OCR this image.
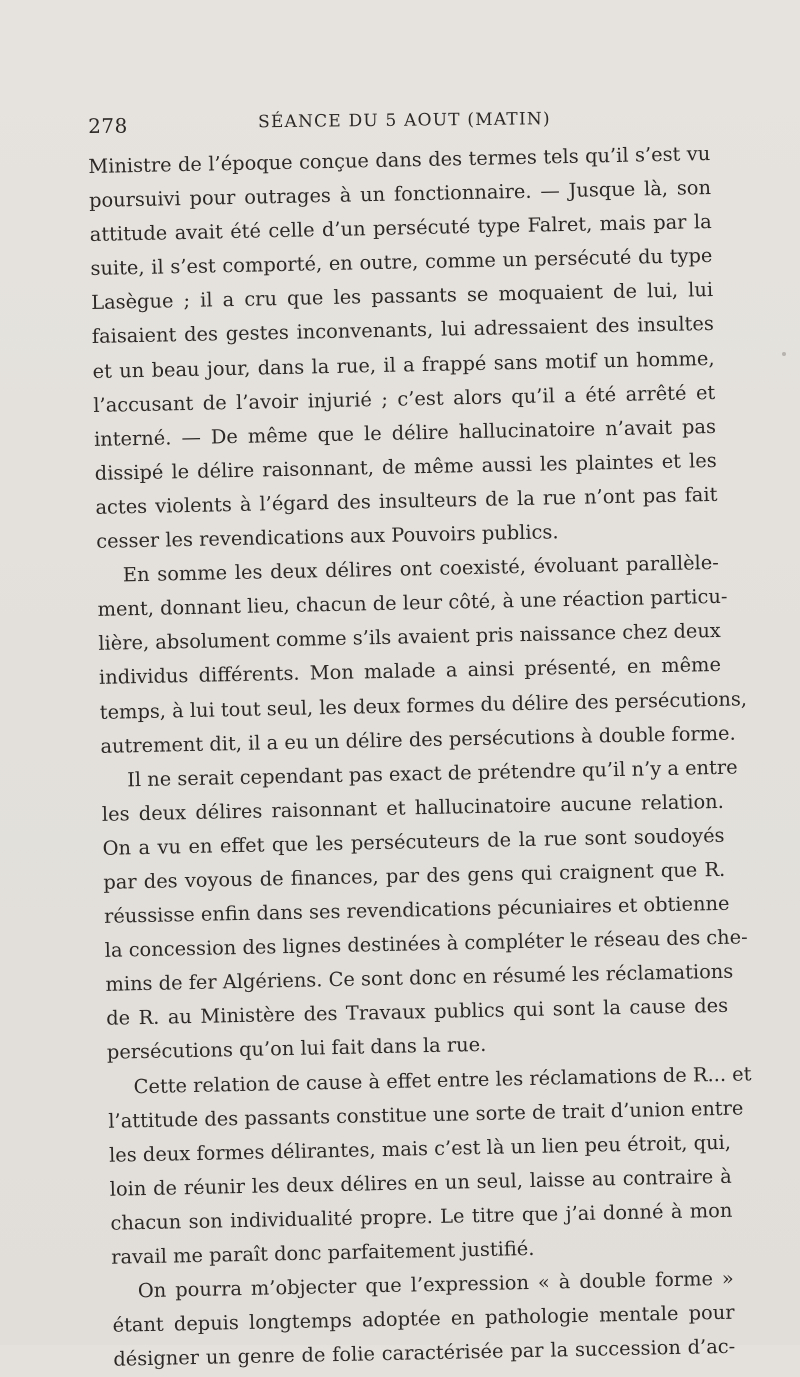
278	SÉANCE DU 5 AOUT (MATIN)
Ministre de l’époque conçue dans des termes tels qu’il s’est vu
poursuivi pour outrages à un fonctionnaire. — Jusque là, son
attitude avait été celle d’un persécuté type Falret, mais par la
suite, il s’est comporté, en outre, comme un persécuté du type
Lasègue ; il a cru que les passants se moquaient de lui, lui
faisaient des gestes inconvenants, lui adressaient des insultes
et un beau jour, dans la rue, il a frappé sans motif un homme,
l’accusant de l’avoir injurié ; c’est alors qu’il a été arrêté et
interné. — De même que le délire hallucinatoire n’avait pas
dissipé le délire raisonnant, de même aussi les plaintes et les
actes violents à l’égard des insulteurs de la rue n’ont pas fait
cesser les revendications aux Pouvoirs publics.
En somme les deux délires ont coexisté, évoluant parallèle-
ment, donnant lieu, chacun de leur côté, à une réaction particu-
lière, absolument comme s’ils avaient pris naissance chez deux
individus différents. Mon malade a ainsi présenté, en même
temps, à lui tout seul, les deux formes du délire des persécutions,
autrement dit, il a eu un délire des persécutions à double forme.
Il ne serait cependant pas exact de prétendre qu’il n’y a entre
les deux délires raisonnant et hallucinatoire aucune relation.
On a vu en effet que les persécuteurs de la rue sont soudoyés
par des voyous de finances, par des gens qui craignent que R.
réussisse enfin dans ses revendications pécuniaires et obtienne
la concession des lignes destinées à compléter le réseau des che-
mins de fer Algériens. Ce sont donc en résumé les réclamations
de R. au Ministère des Travaux publics qui sont la cause des
persécutions qu’on lui fait dans la rue.
Cette relation de cause à effet entre les réclamations de R... et
l’attitude des passants constitue une sorte de trait d’union entre
les deux formes délirantes, mais c’est là un lien peu étroit, qui,
loin de réunir les deux délires en un seul, laisse au contraire à
chacun son individualité propre. Le titre que j’ai donné à mon
ravail me paraît donc parfaitement justifié.
On pourra m’objecter que l’expression « à double forme »
étant depuis longtemps adoptée en pathologie mentale pour
désigner un genre de folie caractérisée par la succession d’ac-
